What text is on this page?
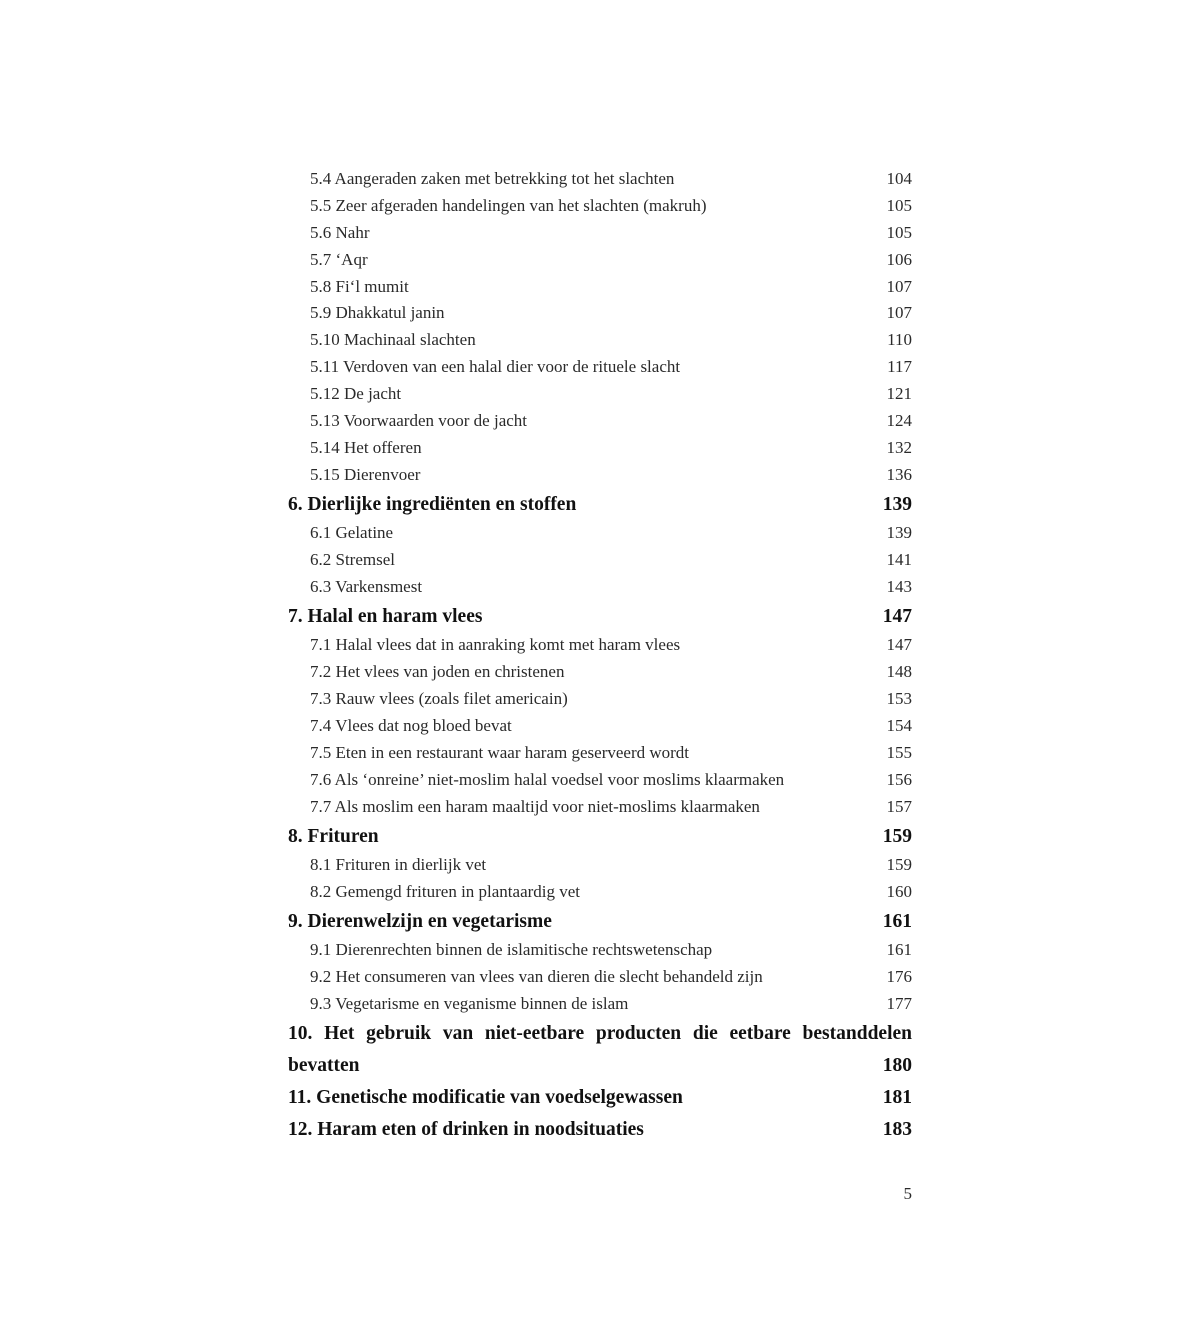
5.4 Aangeraden zaken met betrekking tot het slachten	104
5.5 Zeer afgeraden handelingen van het slachten (makruh)	105
5.6 Nahr	105
5.7 ‘Aqr	106
5.8 Fi‘l mumit	107
5.9 Dhakkatul janin	107
5.10 Machinaal slachten	110
5.11 Verdoven van een halal dier voor de rituele slacht	117
5.12 De jacht	121
5.13 Voorwaarden voor de jacht	124
5.14 Het offeren	132
5.15 Dierenvoer	136
6. Dierlijke ingrediënten en stoffen	139
6.1 Gelatine	139
6.2 Stremsel	141
6.3 Varkensmest	143
7. Halal en haram vlees	147
7.1 Halal vlees dat in aanraking komt met haram vlees	147
7.2 Het vlees van joden en christenen	148
7.3 Rauw vlees (zoals filet americain)	153
7.4 Vlees dat nog bloed bevat	154
7.5 Eten in een restaurant waar haram geserveerd wordt	155
7.6 Als ‘onreine’ niet-moslim halal voedsel voor moslims klaarmaken	156
7.7 Als moslim een haram maaltijd voor niet-moslims klaarmaken	157
8. Frituren	159
8.1 Frituren in dierlijk vet	159
8.2 Gemengd frituren in plantaardig vet	160
9. Dierenwelzijn en vegetarisme	161
9.1 Dierenrechten binnen de islamitische rechtswetenschap	161
9.2 Het consumeren van vlees van dieren die slecht behandeld zijn	176
9.3 Vegetarisme en veganisme binnen de islam	177
10. Het gebruik van niet-eetbare producten die eetbare bestanddelen
bevatten	180
11. Genetische modificatie van voedselgewassen	181
12. Haram eten of drinken in noodsituaties	183
5
